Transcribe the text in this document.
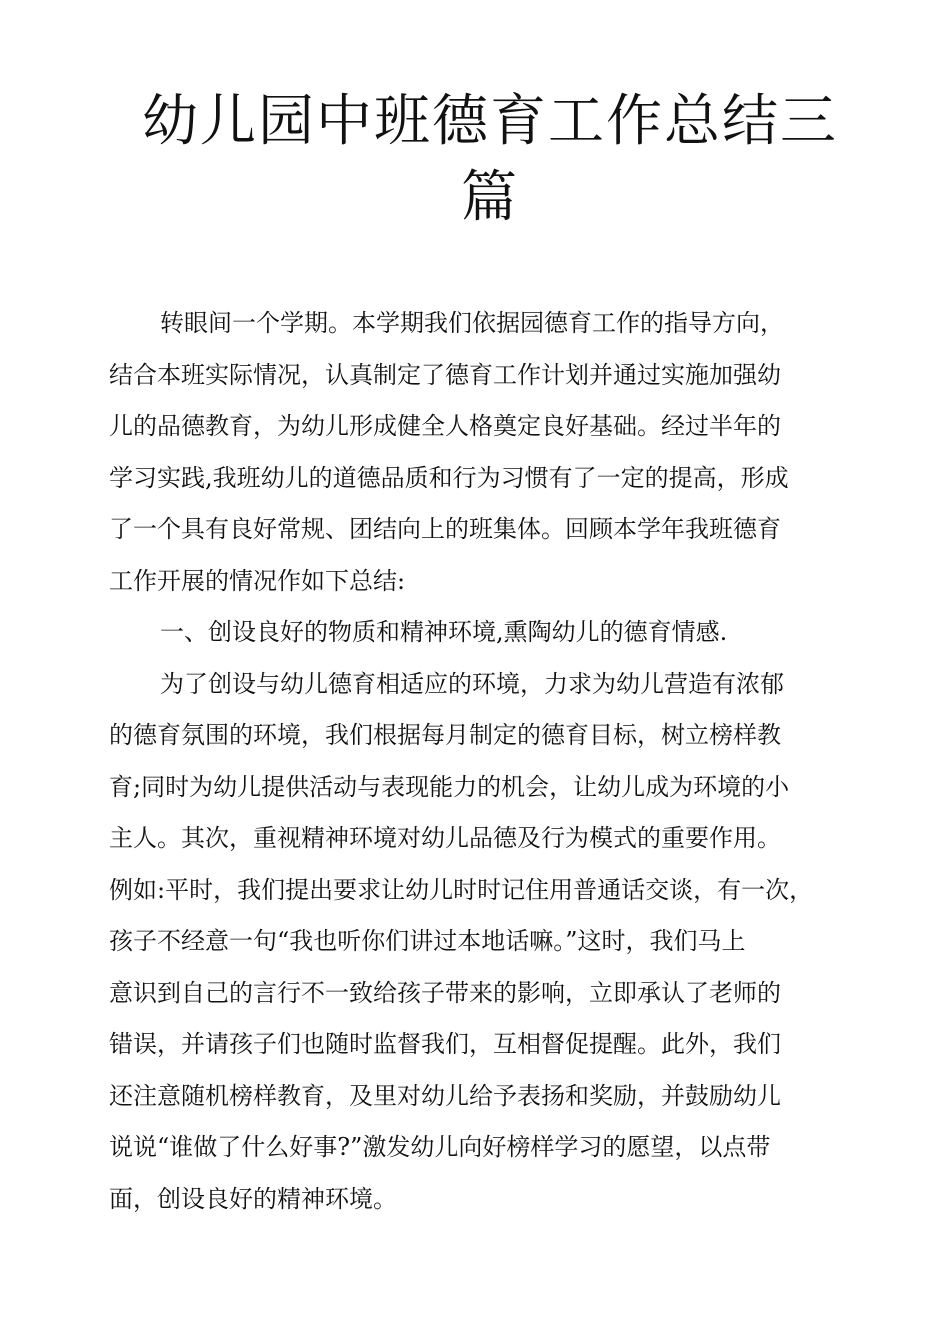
幼儿园中班德育工作总结三篇
转眼间一个学期。本学期我们依据园德育工作的指导方向，
结合本班实际情况，认真制定了德育工作计划并通过实施加强幼
儿的品德教育，为幼儿形成健全人格奠定良好基础。经过半年的
学习实践,我班幼儿的道德品质和行为习惯有了一定的提高，形成
了一个具有良好常规、团结向上的班集体。回顾本学年我班德育
工作开展的情况作如下总结:
一、创设良好的物质和精神环境,熏陶幼儿的德育情感.
为了创设与幼儿德育相适应的环境，力求为幼儿营造有浓郁
的德育氛围的环境，我们根据每月制定的德育目标，树立榜样教
育;同时为幼儿提供活动与表现能力的机会，让幼儿成为环境的小
主人。其次，重视精神环境对幼儿品德及行为模式的重要作用。
例如:平时，我们提出要求让幼儿时时记住用普通话交谈，有一次，
孩子不经意一句“我也听你们讲过本地话嘛。”这时，我们马上
意识到自己的言行不一致给孩子带来的影响，立即承认了老师的
错误，并请孩子们也随时监督我们，互相督促提醒。此外，我们
还注意随机榜样教育，及里对幼儿给予表扬和奖励，并鼓励幼儿
说说“谁做了什么好事?”激发幼儿向好榜样学习的愿望，以点带
面，创设良好的精神环境。
